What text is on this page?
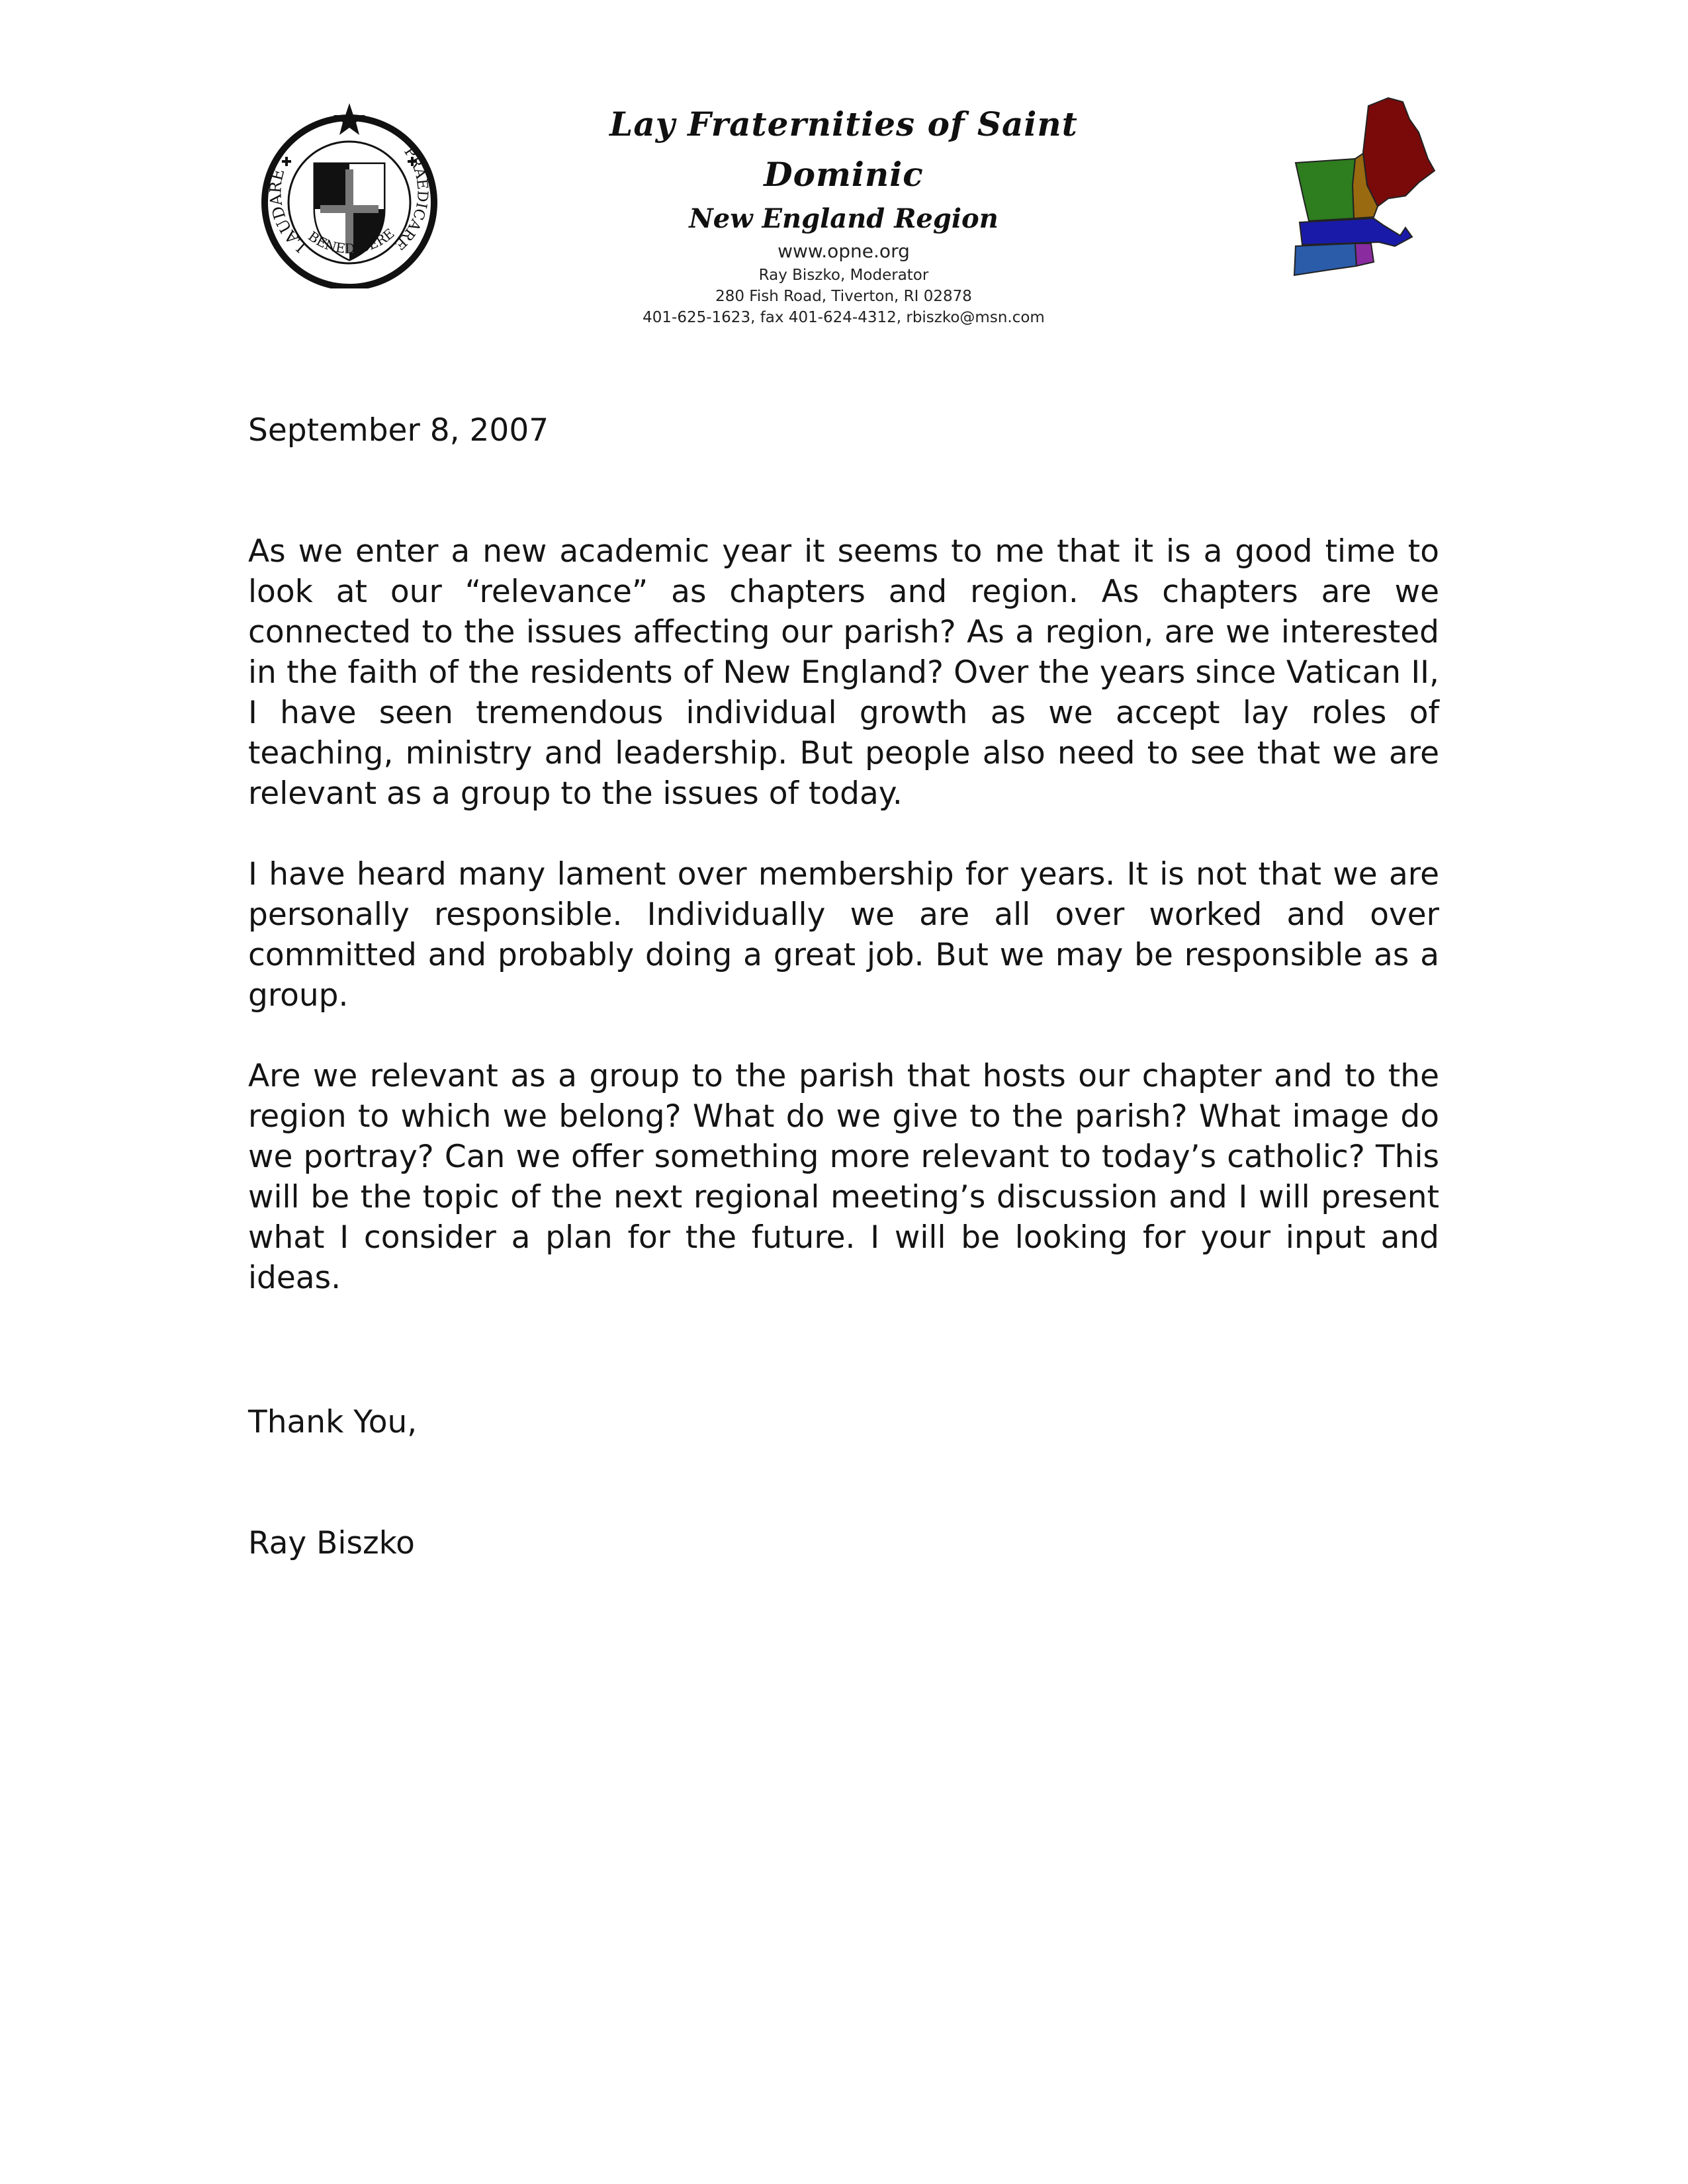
LAUDARE
BENEDICERE
PRAEDICARE
Lay Fraternities of Saint Dominic
New England Region
www.opne.org
Ray Biszko, Moderator
280 Fish Road, Tiverton, RI 02878
401-625-1623, fax 401-624-4312, rbiszko@msn.com

September 8, 2007

As we enter a new academic year it seems to me that it is a good time to look at our “relevance” as chapters and region. As chapters are we connected to the issues affecting our parish? As a region, are we interested in the faith of the residents of New England? Over the years since Vatican II, I have seen tremendous individual growth as we accept lay roles of teaching, ministry and leadership. But people also need to see that we are relevant as a group to the issues of today.

I have heard many lament over membership for years. It is not that we are personally responsible. Individually we are all over worked and over committed and probably doing a great job. But we may be responsible as a group.

Are we relevant as a group to the parish that hosts our chapter and to the region to which we belong? What do we give to the parish? What image do we portray? Can we offer something more relevant to today’s catholic? This will be the topic of the next regional meeting’s discussion and I will present what I consider a plan for the future. I will be looking for your input and ideas.

Thank You,

Ray Biszko
